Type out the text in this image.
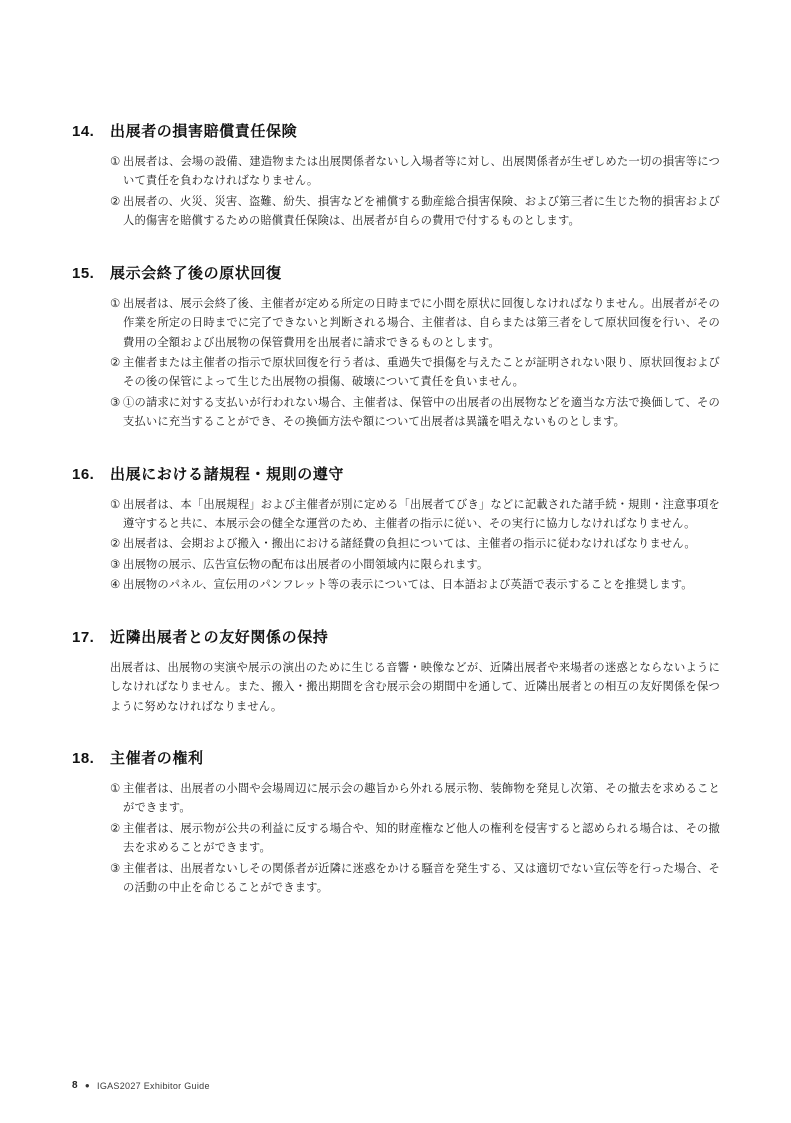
14.	出展者の損害賠償責任保険
① 出展者は、会場の設備、建造物または出展関係者ないし入場者等に対し、出展関係者が生ぜしめた一切の損害等について責任を負わなければなりません。
② 出展者の、火災、災害、盗難、紛失、損害などを補償する動産総合損害保険、および第三者に生じた物的損害および人的傷害を賠償するための賠償責任保険は、出展者が自らの費用で付するものとします。
15.	展示会終了後の原状回復
① 出展者は、展示会終了後、主催者が定める所定の日時までに小間を原状に回復しなければなりません。出展者がその作業を所定の日時までに完了できないと判断される場合、主催者は、自らまたは第三者をして原状回復を行い、その費用の全額および出展物の保管費用を出展者に請求できるものとします。
② 主催者または主催者の指示で原状回復を行う者は、重過失で損傷を与えたことが証明されない限り、原状回復およびその後の保管によって生じた出展物の損傷、破壊について責任を負いません。
③ ①の請求に対する支払いが行われない場合、主催者は、保管中の出展者の出展物などを適当な方法で換価して、その支払いに充当することができ、その換価方法や額について出展者は異議を唱えないものとします。
16.	出展における諸規程・規則の遵守
① 出展者は、本「出展規程」および主催者が別に定める「出展者てびき」などに記載された諸手続・規則・注意事項を遵守すると共に、本展示会の健全な運営のため、主催者の指示に従い、その実行に協力しなければなりません。
② 出展者は、会期および搬入・搬出における諸経費の負担については、主催者の指示に従わなければなりません。
③ 出展物の展示、広告宣伝物の配布は出展者の小間領域内に限られます。
④ 出展物のパネル、宣伝用のパンフレット等の表示については、日本語および英語で表示することを推奨します。
17.	近隣出展者との友好関係の保持
出展者は、出展物の実演や展示の演出のために生じる音響・映像などが、近隣出展者や来場者の迷惑とならないようにしなければなりません。また、搬入・搬出期間を含む展示会の期間中を通して、近隣出展者との相互の友好関係を保つように努めなければなりません。
18.	主催者の権利
① 主催者は、出展者の小間や会場周辺に展示会の趣旨から外れる展示物、装飾物を発見し次第、その撤去を求めることができます。
② 主催者は、展示物が公共の利益に反する場合や、知的財産権など他人の権利を侵害すると認められる場合は、その撤去を求めることができます。
③ 主催者は、出展者ないしその関係者が近隣に迷惑をかける騒音を発生する、又は適切でない宣伝等を行った場合、その活動の中止を命じることができます。
8 ● IGAS2027 Exhibitor Guide
